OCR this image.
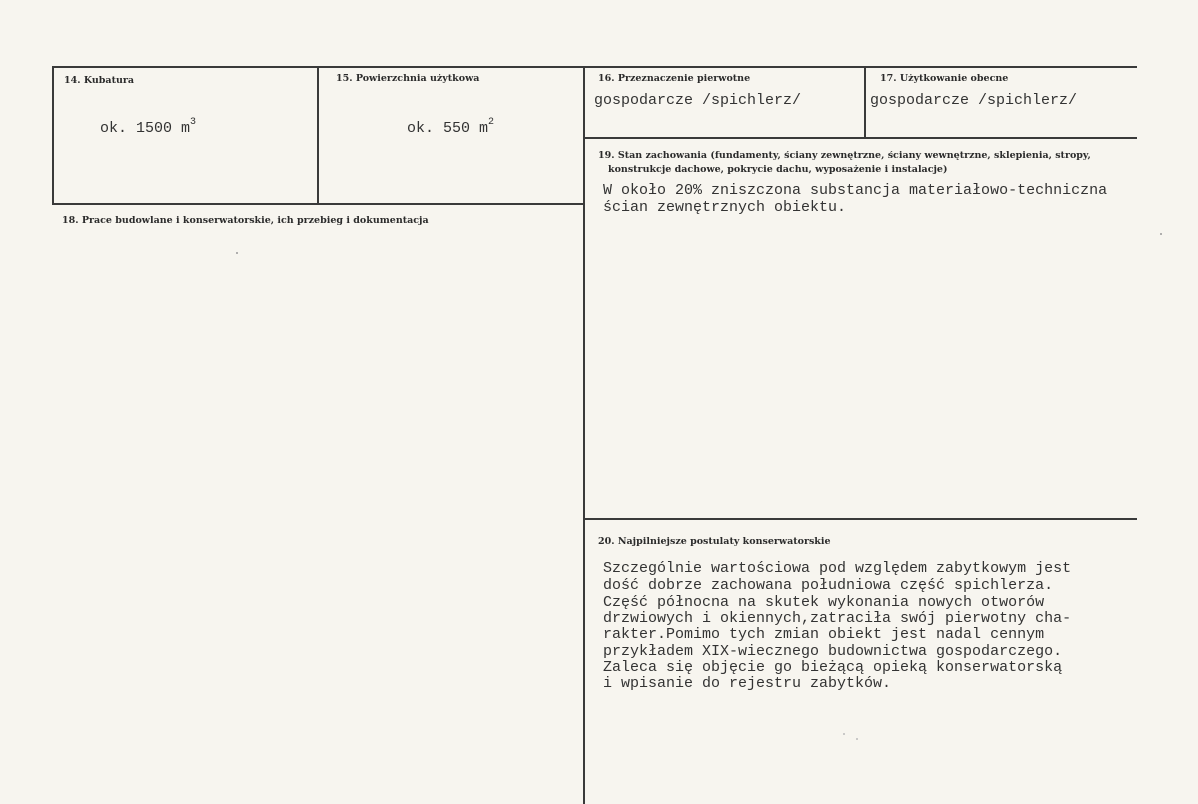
14. Kubatura
ok. 1500 $m^3$
15. Powierzchnia użytkowa
ok. 550 $m^2$
16. Przeznaczenie pierwotne
gospodarcze /spichlerz/
17. Użytkowanie obecne
gospodarcze /spichlerz/
18. Prace budowlane i konserwatorskie, ich przebieg i dokumentacja
19. Stan zachowania (fundamenty, ściany zewnętrzne, ściany wewnętrzne, sklepienia, stropy,
konstrukcje dachowe, pokrycie dachu, wyposażenie i instalacje)
W około 20% zniszczona substancja materiałowo-techniczna
ścian zewnętrznych obiektu.
20. Najpilniejsze postulaty konserwatorskie
Szczególnie wartościowa pod względem zabytkowym jest
dość dobrze zachowana południowa część spichlerza.
Część północna na skutek wykonania nowych otworów
drzwiowych i okiennych,zatraciła swój pierwotny cha-
rakter.Pomimo tych zmian obiekt jest nadal cennym
przykładem XIX-wiecznego budownictwa gospodarczego.
Zaleca się objęcie go bieżącą opieką konserwatorską
i wpisanie do rejestru zabytków.
